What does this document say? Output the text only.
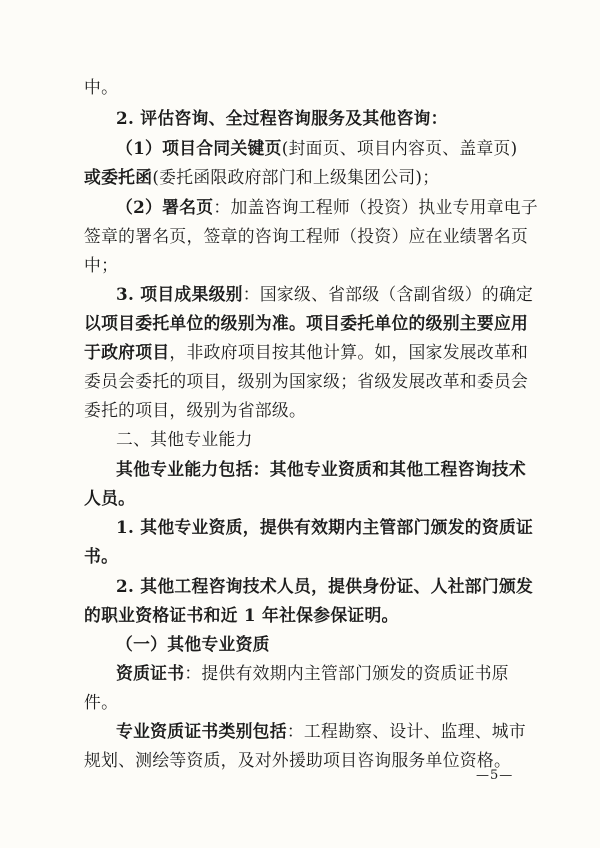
中。
2. 评估咨询、全过程咨询服务及其他咨询：
（1）项目合同关键页(封面页、项目内容页、盖章页)
或委托函(委托函限政府部门和上级集团公司)；
（2）署名页：加盖咨询工程师（投资）执业专用章电子
签章的署名页，签章的咨询工程师（投资）应在业绩署名页
中；
3. 项目成果级别：国家级、省部级（含副省级）的确定
以项目委托单位的级别为准。项目委托单位的级别主要应用
于政府项目，非政府项目按其他计算。如，国家发展改革和
委员会委托的项目，级别为国家级；省级发展改革和委员会
委托的项目，级别为省部级。
二、其他专业能力
其他专业能力包括：其他专业资质和其他工程咨询技术
人员。
1. 其他专业资质，提供有效期内主管部门颁发的资质证
书。
2. 其他工程咨询技术人员，提供身份证、人社部门颁发
的职业资格证书和近 1 年社保参保证明。
（一）其他专业资质
资质证书：提供有效期内主管部门颁发的资质证书原
件。
专业资质证书类别包括：工程勘察、设计、监理、城市
规划、测绘等资质，及对外援助项目咨询服务单位资格。
—5—
